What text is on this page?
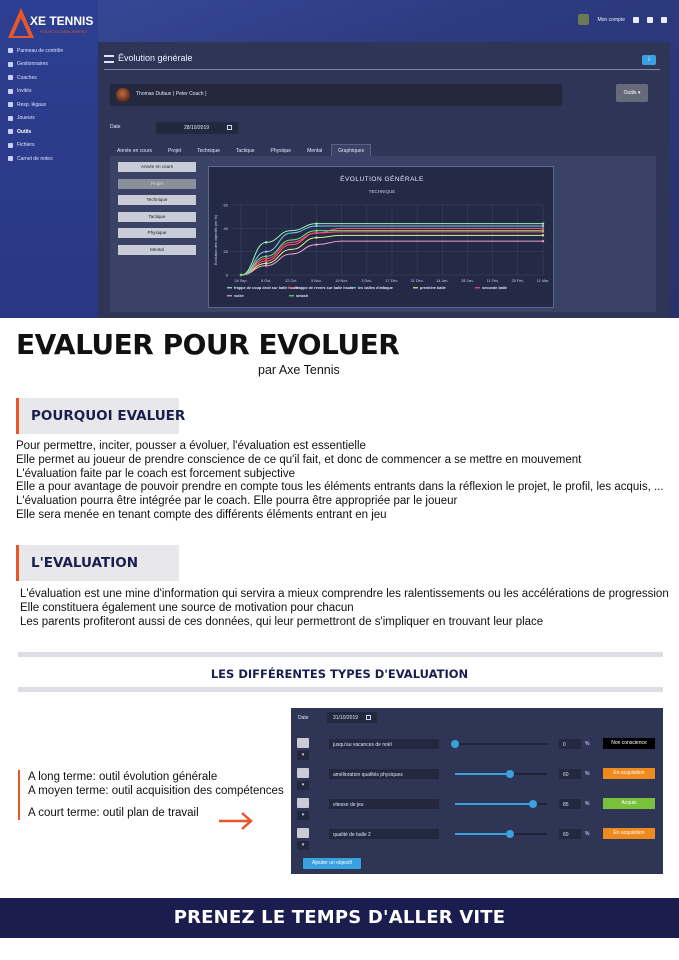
XE TENNIS
POUR GLOBALEMENT
Panneau de contrôle
Gestionnaires
Coaches
Invités
Resp. lègaux
Joueurs
Outils
Fichiers
Carnet de notes
Mon compte
Évolution générale	i
Thomas Dufaux ( Peter Coach )	Outils ▾
Date	28/10/2019
Année en cours	Projet	Technique	Tactique	Physique	Mental	Graphiques
Année en cours
Projet
Technique
Tactique
Physique
Mental
ÉVOLUTION GÉNÉRALE
TECHNIQUE
Evolution des objectifs (en %)
0
20
40
60
24 Sep.	8 Oct.	22 Oct.	5 Nov.	19 Nov.	3 Déc.	17 Déc.	31 Déc.	14 Jan.	28 Jan.	11 Fév.	25 Fév.	11 Mar.
frappe de coup droit sur balle haute
frappe de revers sur balle haute les balles d'attaque	première balle	seconde balle
volée	smash
EVALUER POUR EVOLUER
par Axe Tennis
POURQUOI EVALUER
Pour permettre, inciter, pousser a évoluer, l'évaluation est essentielle
Elle permet au joueur de prendre conscience de ce qu'il fait, et donc de commencer a se mettre en mouvement
L'évaluation faite par le coach est forcement subjective
Elle a pour avantage de pouvoir prendre en compte tous les éléments entrants dans la réflexion le projet, le profil, les acquis, ...
L'évaluation pourra être intégrée par le coach. Elle pourra être appropriée par le joueur
Elle sera menée en tenant compte des différents éléments entrant en jeu
L'EVALUATION
L'évaluation est une mine d'information qui servira a mieux comprendre les ralentissements ou les accélérations de progression
Elle constituera également une source de motivation pour chacun
Les parents profiteront aussi de ces données, qui leur permettront de s'impliquer en trouvant leur place
LES DIFFÉRENTES TYPES D'EVALUATION
A long terme: outil évolution générale
A moyen terme: outil acquisition des compétences
A court terme: outil plan de travail
Date	31/10/2019
▾
jusqu'au vacances de noël	0	%	Non conscience
▾
amélioration qualités physiques	60	%	En acquisition
▾
vitesse de jeu	85	%	Acquis
▾
qualité de balle 2	60	%	En acquisition
Ajouter un objectif
PRENEZ LE TEMPS D'ALLER VITE
